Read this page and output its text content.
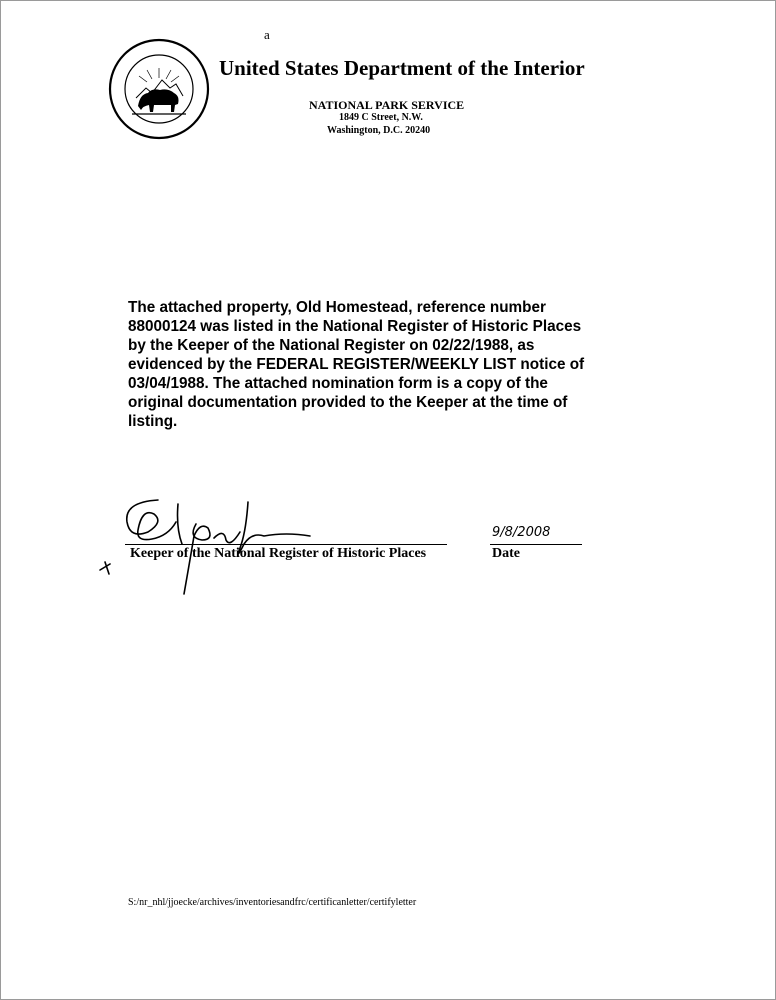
a
United States Department of the Interior
NATIONAL PARK SERVICE
1849 C Street, N.W.
Washington, D.C. 20240
The attached property, Old Homestead, reference number 88000124 was listed in the National Register of Historic Places by the Keeper of the National Register on 02/22/1988, as evidenced by the FEDERAL REGISTER/WEEKLY LIST notice of 03/04/1988. The attached nomination form is a copy of the original documentation provided to the Keeper at the time of listing.
Keeper of the National Register of Historic Places
9/8/2008
Date
S:/nr_nhl/jjoecke/archives/inventoriesandfrc/certificanletter/certifyletter
